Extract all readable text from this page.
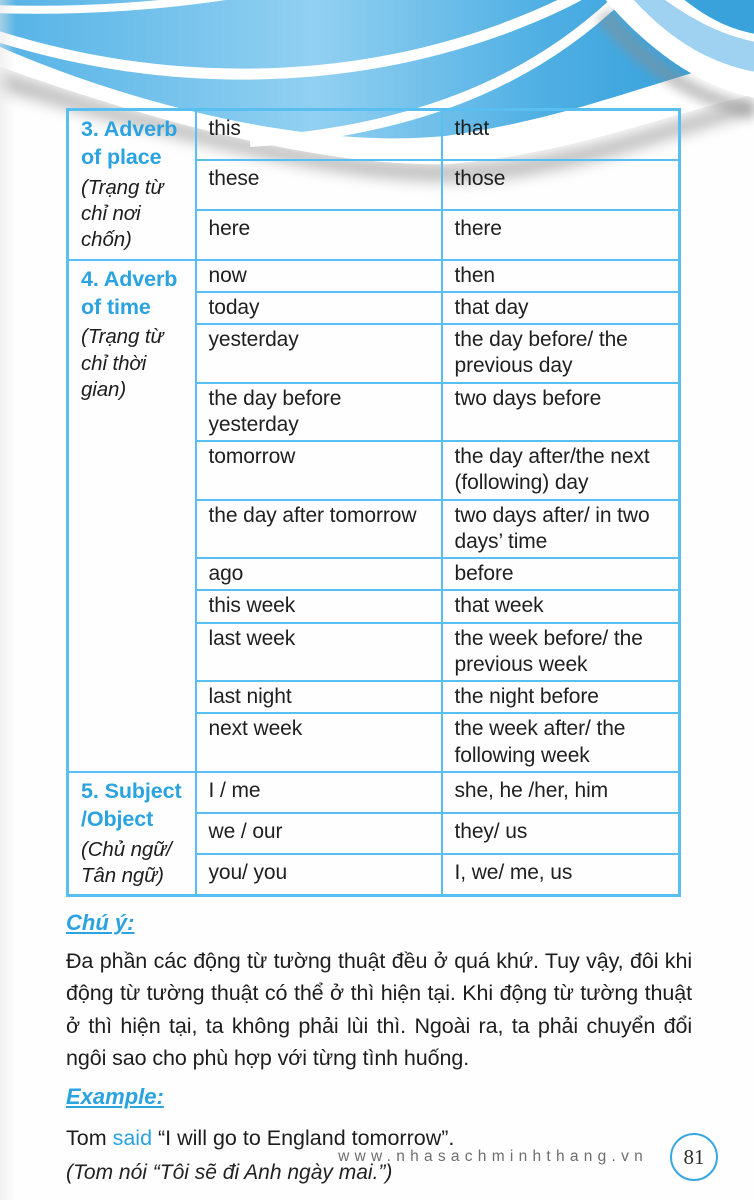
3. Adverb
of place
(Trạng từ chỉ nơi chốn)	this	that
	these	those
	here	there

4. Adverb
of time
(Trạng từ chỉ thời gian)	now	then
	today	that day
	yesterday	the day before/ the previous day
	the day before yesterday	two days before
	tomorrow	the day after/the next (following) day
	the day after tomorrow	two days after/ in two days’ time
	ago	before
	this week	that week
	last week	the week before/ the previous week
	last night	the night before
	next week	the week after/ the following week

5. Subject
/Object
(Chủ ngữ/ Tân ngữ)	I / me	she, he /her, him
	we / our	they/ us
	you/ you	I, we/ me, us
Chú ý:

Đa phần các động từ tường thuật đều ở quá khứ. Tuy vậy, đôi khi động từ tường thuật có thể ở thì hiện tại. Khi động từ tường thuật ở thì hiện tại, ta không phải lùi thì. Ngoài ra, ta phải chuyển đổi ngôi sao cho phù hợp với từng tình huống.

Example:

Tom said “I will go to England tomorrow”.

(Tom nói “Tôi sẽ đi Anh ngày mai.”)

www.nhasachminhthang.vn 81
